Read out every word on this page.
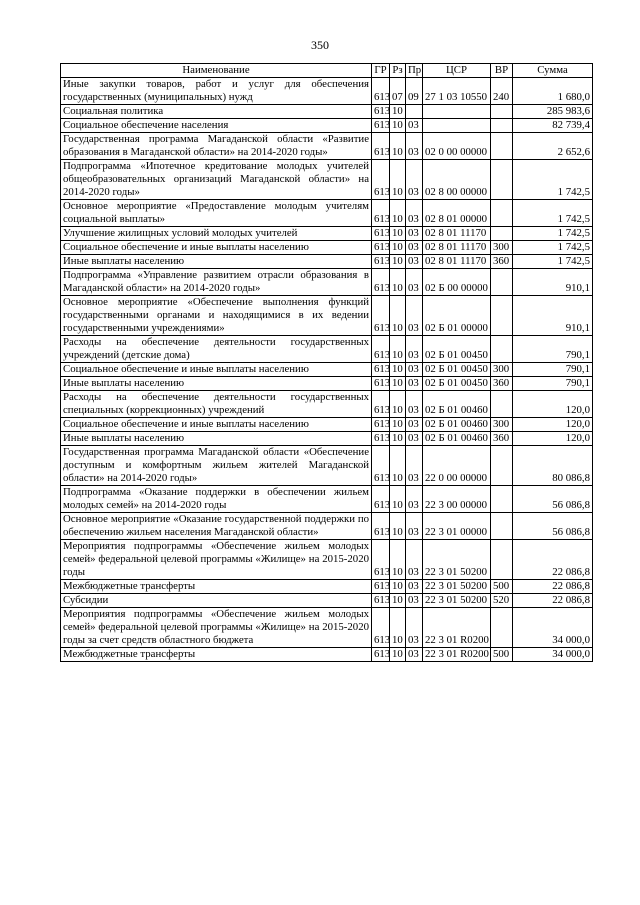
350
Наименование	ГР	Рз	Пр	ЦСР	ВР	Сумма
Иные закупки товаров, работ и услуг для обеспечения государственных (муниципальных) нужд	613	07	09	27 1 03 10550	240	1 680,0
Социальная политика	613	10				285 983,6
Социальное обеспечение населения	613	10	03			82 739,4
Государственная программа Магаданской области «Развитие образования в Магаданской области» на 2014-2020 годы»	613	10	03	02 0 00 00000		2 652,6
Подпрограмма «Ипотечное кредитование молодых учителей общеобразовательных организаций Магаданской области» на 2014-2020 годы»	613	10	03	02 8 00 00000		1 742,5
Основное мероприятие «Предоставление молодым учителям социальной выплаты»	613	10	03	02 8 01 00000		1 742,5
Улучшение жилищных условий молодых учителей	613	10	03	02 8 01 11170		1 742,5
Социальное обеспечение и иные выплаты населению	613	10	03	02 8 01 11170	300	1 742,5
Иные выплаты населению	613	10	03	02 8 01 11170	360	1 742,5
Подпрограмма «Управление развитием отрасли образования в Магаданской области» на 2014-2020 годы»	613	10	03	02 Б 00 00000		910,1
Основное мероприятие «Обеспечение выполнения функций государственными органами и находящимися в их ведении государственными учреждениями»	613	10	03	02 Б 01 00000		910,1
Расходы на обеспечение деятельности государственных учреждений (детские дома)	613	10	03	02 Б 01 00450		790,1
Социальное обеспечение и иные выплаты населению	613	10	03	02 Б 01 00450	300	790,1
Иные выплаты населению	613	10	03	02 Б 01 00450	360	790,1
Расходы на обеспечение деятельности государственных специальных (коррекционных) учреждений	613	10	03	02 Б 01 00460		120,0
Социальное обеспечение и иные выплаты населению	613	10	03	02 Б 01 00460	300	120,0
Иные выплаты населению	613	10	03	02 Б 01 00460	360	120,0
Государственная программа Магаданской области «Обеспечение доступным и комфортным жильем жителей Магаданской области» на 2014-2020 годы»	613	10	03	22 0 00 00000		80 086,8
Подпрограмма «Оказание поддержки в обеспечении жильем молодых семей» на 2014-2020 годы	613	10	03	22 3 00 00000		56 086,8
Основное мероприятие «Оказание государственной поддержки по обеспечению жильем населения Магаданской области»	613	10	03	22 3 01 00000		56 086,8
Мероприятия подпрограммы «Обеспечение жильем молодых семей» федеральной целевой программы «Жилище» на 2015-2020 годы	613	10	03	22 3 01 50200		22 086,8
Межбюджетные трансферты	613	10	03	22 3 01 50200	500	22 086,8
Субсидии	613	10	03	22 3 01 50200	520	22 086,8
Мероприятия подпрограммы «Обеспечение жильем молодых семей» федеральной целевой программы «Жилище» на 2015-2020 годы за счет средств областного бюджета	613	10	03	22 3 01 R0200		34 000,0
Межбюджетные трансферты	613	10	03	22 3 01 R0200	500	34 000,0
